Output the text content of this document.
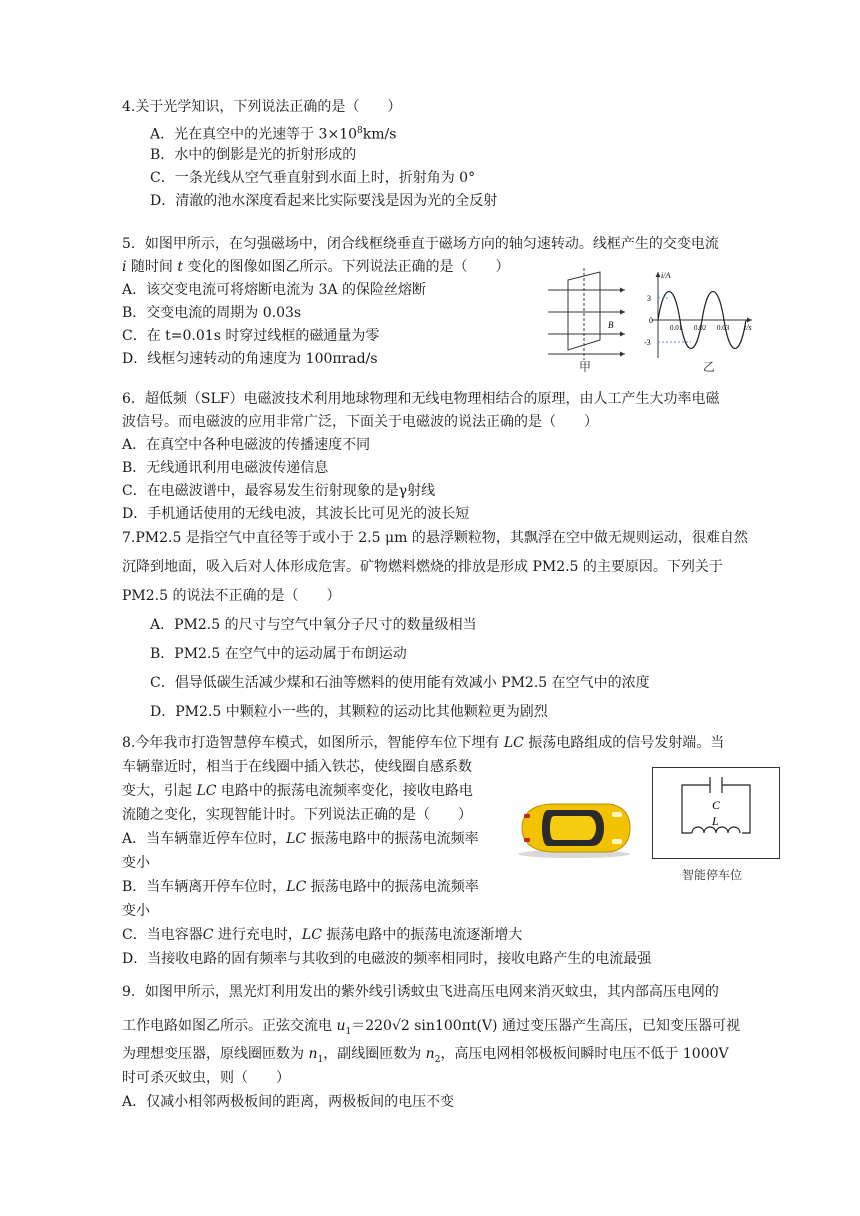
4.关于光学知识，下列说法正确的是（　　）
A．光在真空中的光速等于 $3\times 10^8km/s$
B．水中的倒影是光的折射形成的
C．一条光线从空气垂直射到水面上时，折射角为 0°
D．清澈的池水深度看起来比实际要浅是因为光的全反射
5．如图甲所示，在匀强磁场中，闭合线框绕垂直于磁场方向的轴匀速转动。线框产生的交变电流
i 随时间 t 变化的图像如图乙所示。下列说法正确的是（　　）
A．该交变电流可将熔断电流为 3A 的保险丝熔断
B．交变电流的周期为 0.03s
C．在 t=0.01s 时穿过线框的磁通量为零
D．线框匀速转动的角速度为 100πrad/s
B
甲
i/A
t/s
3
-3
0
0.01 0.02 0.03
乙
6．超低频（SLF）电磁波技术利用地球物理和无线电物理相结合的原理，由人工产生大功率电磁
波信号。而电磁波的应用非常广泛，下面关于电磁波的说法正确的是（　　）
A．在真空中各种电磁波的传播速度不同
B．无线通讯利用电磁波传递信息
C．在电磁波谱中，最容易发生衍射现象的是γ射线
D．手机通话使用的无线电波，其波长比可见光的波长短
7.PM2.5 是指空气中直径等于或小于 2.5 μm 的悬浮颗粒物，其飘浮在空中做无规则运动，很难自然
沉降到地面，吸入后对人体形成危害。矿物燃料燃烧的排放是形成 PM2.5 的主要原因。下列关于
PM2.5 的说法不正确的是（　　）
A．PM2.5 的尺寸与空气中氧分子尺寸的数量级相当
B．PM2.5 在空气中的运动属于布朗运动
C．倡导低碳生活减少煤和石油等燃料的使用能有效减小 PM2.5 在空气中的浓度
D．PM2.5 中颗粒小一些的，其颗粒的运动比其他颗粒更为剧烈
8.今年我市打造智慧停车模式，如图所示，智能停车位下埋有 LC 振荡电路组成的信号发射端。当
车辆靠近时，相当于在线圈中插入铁芯，使线圈自感系数
变大，引起 LC 电路中的振荡电流频率变化，接收电路电
流随之变化，实现智能计时。下列说法正确的是（　　）
A．当车辆靠近停车位时，LC 振荡电路中的振荡电流频率
变小
B．当车辆离开停车位时，LC 振荡电路中的振荡电流频率
变小
C．当电容器C 进行充电时，LC 振荡电路中的振荡电流逐渐增大
D．当接收电路的固有频率与其收到的电磁波的频率相同时，接收电路产生的电流最强
C
L
智能停车位
9．如图甲所示，黑光灯利用发出的紫外线引诱蚊虫飞进高压电网来消灭蚊虫，其内部高压电网的
工作电路如图乙所示。正弦交流电 $u_1=220√2$ sin100πt(V) 通过变压器产生高压，已知变压器可视
为理想变压器，原线圈匝数为 $n_1$，副线圈匝数为 $n_2$，高压电网相邻极板间瞬时电压不低于 1000V
时可杀灭蚊虫，则（　　）
A．仅减小相邻两极板间的距离，两极板间的电压不变
